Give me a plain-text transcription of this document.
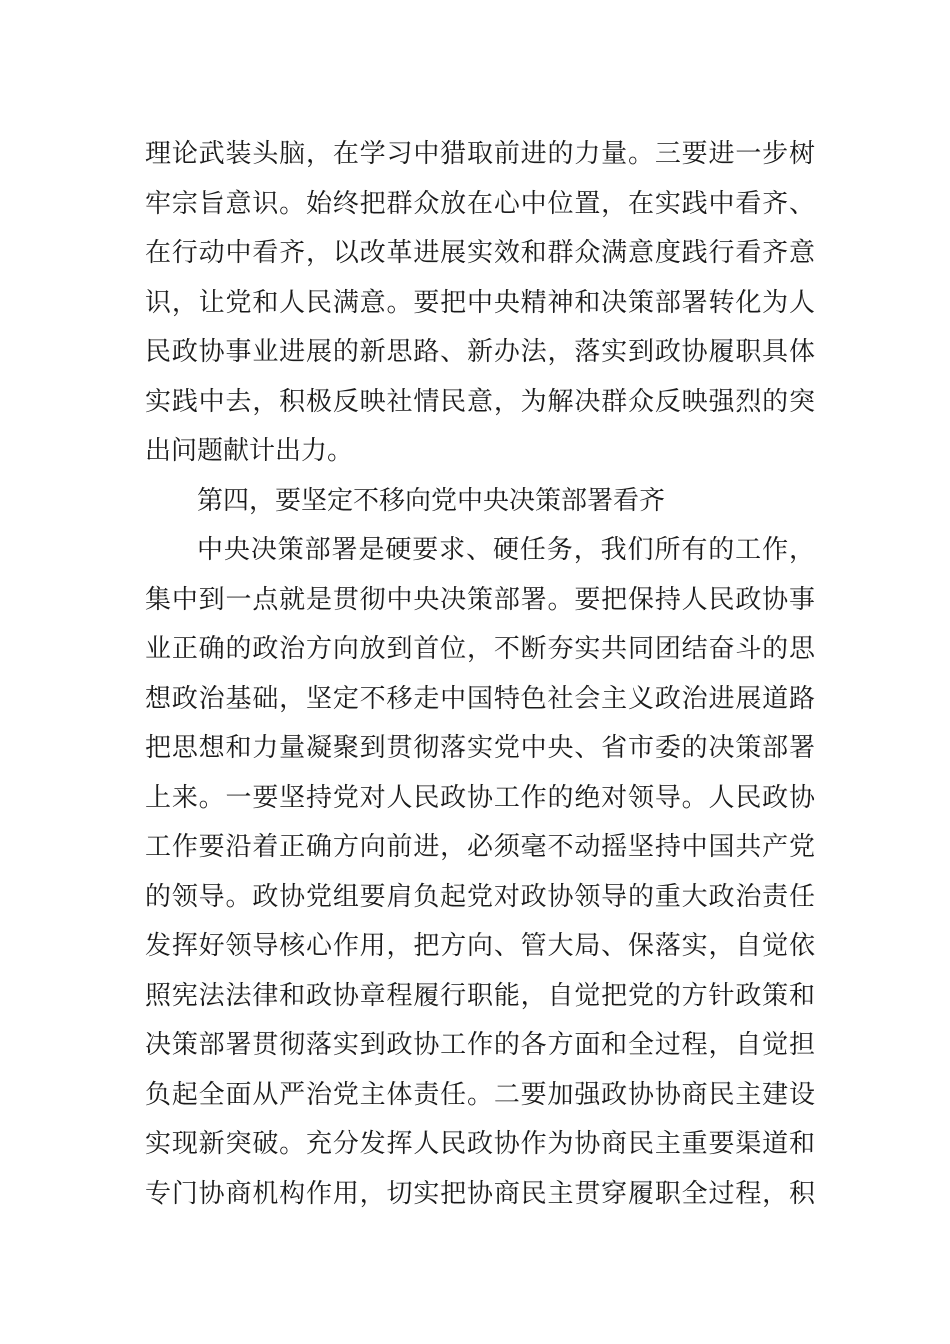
理论武装头脑，在学习中猎取前进的力量。三要进一步树
牢宗旨意识。始终把群众放在心中位置，在实践中看齐、
在行动中看齐，以改革进展实效和群众满意度践行看齐意
识，让党和人民满意。要把中央精神和决策部署转化为人
民政协事业进展的新思路、新办法，落实到政协履职具体
实践中去，积极反映社情民意，为解决群众反映强烈的突
出问题献计出力。
第四，要坚定不移向党中央决策部署看齐
中央决策部署是硬要求、硬任务，我们所有的工作，
集中到一点就是贯彻中央决策部署。要把保持人民政协事
业正确的政治方向放到首位，不断夯实共同团结奋斗的思
想政治基础，坚定不移走中国特色社会主义政治进展道路
把思想和力量凝聚到贯彻落实党中央、省市委的决策部署
上来。一要坚持党对人民政协工作的绝对领导。人民政协
工作要沿着正确方向前进，必须毫不动摇坚持中国共产党
的领导。政协党组要肩负起党对政协领导的重大政治责任
发挥好领导核心作用，把方向、管大局、保落实，自觉依
照宪法法律和政协章程履行职能，自觉把党的方针政策和
决策部署贯彻落实到政协工作的各方面和全过程，自觉担
负起全面从严治党主体责任。二要加强政协协商民主建设
实现新突破。充分发挥人民政协作为协商民主重要渠道和
专门协商机构作用，切实把协商民主贯穿履职全过程，积
